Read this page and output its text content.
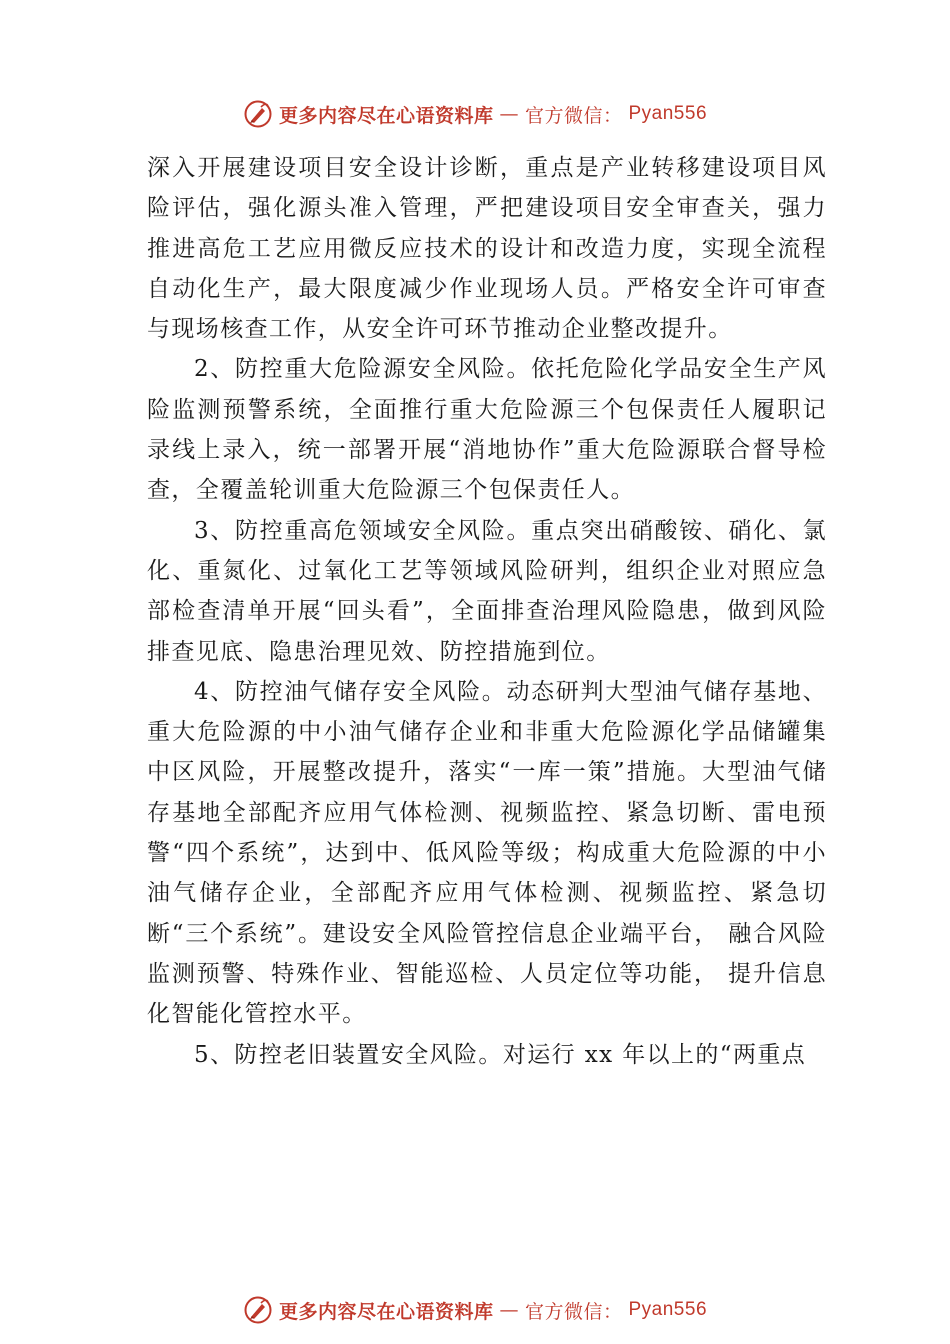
更多内容尽在心语资料库 — 官方微信： Pyan556

深入开展建设项目安全设计诊断，重点是产业转移建设项目风险评估，强化源头准入管理，严把建设项目安全审查关，强力推进高危工艺应用微反应技术的设计和改造力度，实现全流程自动化生产，最大限度减少作业现场人员。严格安全许可审查与现场核查工作，从安全许可环节推动企业整改提升。

2、防控重大危险源安全风险。依托危险化学品安全生产风险监测预警系统，全面推行重大危险源三个包保责任人履职记录线上录入，统一部署开展“消地协作”重大危险源联合督导检查，全覆盖轮训重大危险源三个包保责任人。

3、防控重高危领域安全风险。重点突出硝酸铵、硝化、氯化、重氮化、过氧化工艺等领域风险研判，组织企业对照应急部检查清单开展“回头看”，全面排查治理风险隐患，做到风险排查见底、隐患治理见效、防控措施到位。

4、防控油气储存安全风险。动态研判大型油气储存基地、重大危险源的中小油气储存企业和非重大危险源化学品储罐集中区风险，开展整改提升，落实“一库一策”措施。大型油气储存基地全部配齐应用气体检测、视频监控、紧急切断、雷电预警“四个系统”，达到中、低风险等级；构成重大危险源的中小油气储存企业，全部配齐应用气体检测、视频监控、紧急切断“三个系统”。建设安全风险管控信息企业端平台， 融合风险监测预警、特殊作业、智能巡检、人员定位等功能， 提升信息化智能化管控水平。

5、防控老旧装置安全风险。对运行 xx 年以上的“两重点

更多内容尽在心语资料库 — 官方微信： Pyan556
